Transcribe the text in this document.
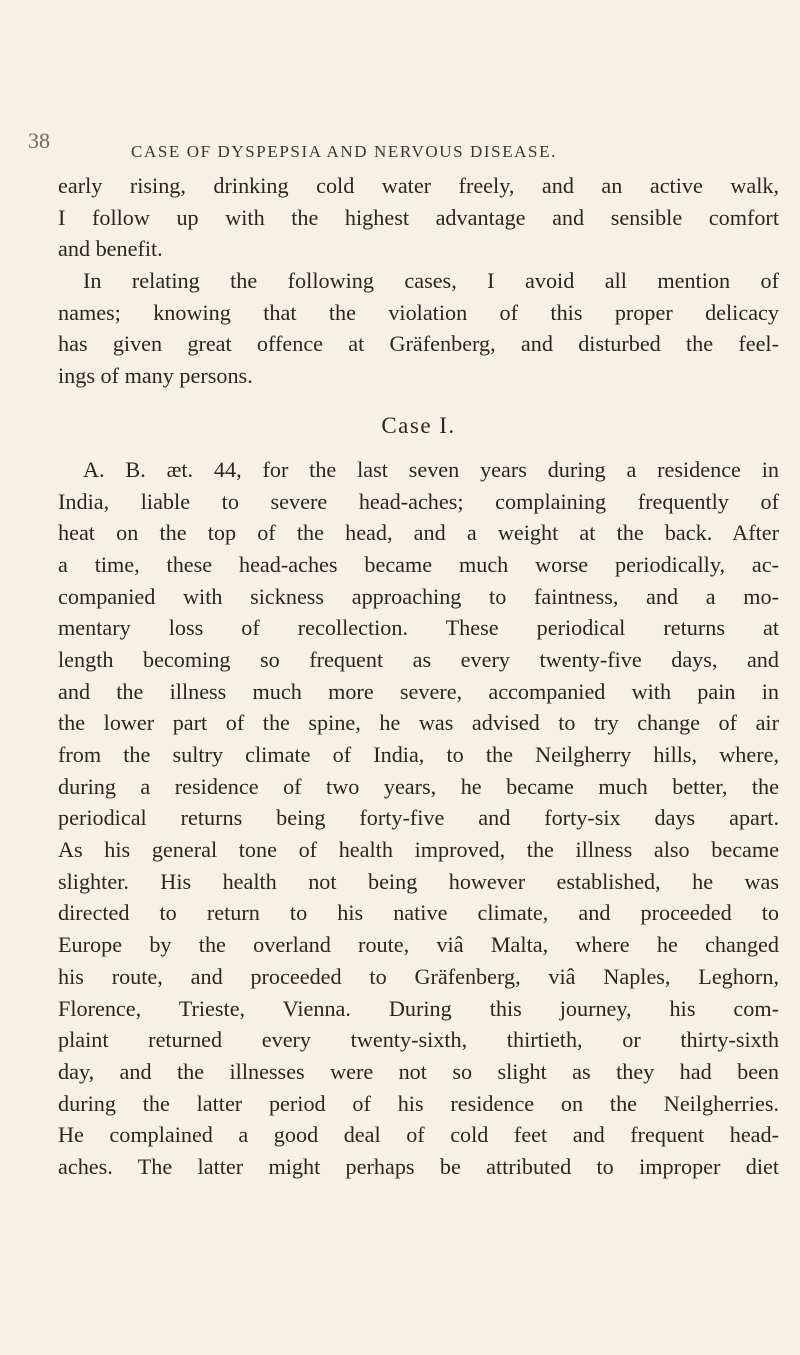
38	CASE OF DYSPEPSIA AND NERVOUS DISEASE.
early rising, drinking cold water freely, and an active walk,
I follow up with the highest advantage and sensible comfort
and benefit.
In relating the following cases, I avoid all mention of
names; knowing that the violation of this proper delicacy
has given great offence at Gräfenberg, and disturbed the feel-
ings of many persons.
Case I.
A. B. æt. 44, for the last seven years during a residence in
India, liable to severe head-aches; complaining frequently of
heat on the top of the head, and a weight at the back. After
a time, these head-aches became much worse periodically, ac-
companied with sickness approaching to faintness, and a mo-
mentary loss of recollection. These periodical returns at
length becoming so frequent as every twenty-five days, and
and the illness much more severe, accompanied with pain in
the lower part of the spine, he was advised to try change of air
from the sultry climate of India, to the Neilgherry hills, where,
during a residence of two years, he became much better, the
periodical returns being forty-five and forty-six days apart.
As his general tone of health improved, the illness also became
slighter. His health not being however established, he was
directed to return to his native climate, and proceeded to
Europe by the overland route, viâ Malta, where he changed
his route, and proceeded to Gräfenberg, viâ Naples, Leghorn,
Florence, Trieste, Vienna. During this journey, his com-
plaint returned every twenty-sixth, thirtieth, or thirty-sixth
day, and the illnesses were not so slight as they had been
during the latter period of his residence on the Neilgherries.
He complained a good deal of cold feet and frequent head-
aches. The latter might perhaps be attributed to improper diet
